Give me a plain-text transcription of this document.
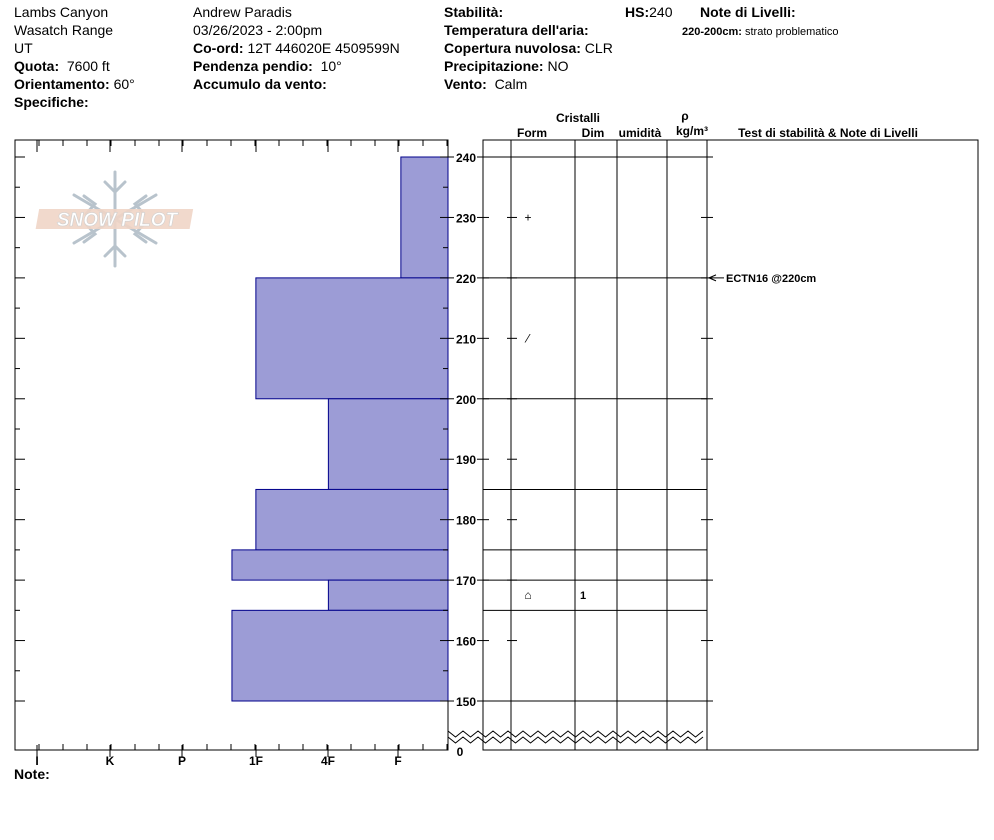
Lambs Canyon
Wasatch Range
UT
Quota: 7600 ft
Orientamento: 60°
Specifiche:
Andrew Paradis
03/26/2023 - 2:00pm
Co-ord: 12T 446020E 4509599N
Pendenza pendio: 10°
Accumulo da vento:
Stabilità:
Temperatura dell'aria:
Copertura nuvolosa: CLR
Precipitazione: NO
Vento: Calm
HS:240 Note di Livelli:
220-200cm: strato problematico
SNOW PILOT	+
⁄
⌂	1
ECTN16 @220cm
I	K	P	1F	4F	F
240
230
220
210
200
190
180
170
160
150
0
Cristalli
Form	Dim umidità
ρ
kg/m³	Test di stabilità & Note di Livelli
Note:
